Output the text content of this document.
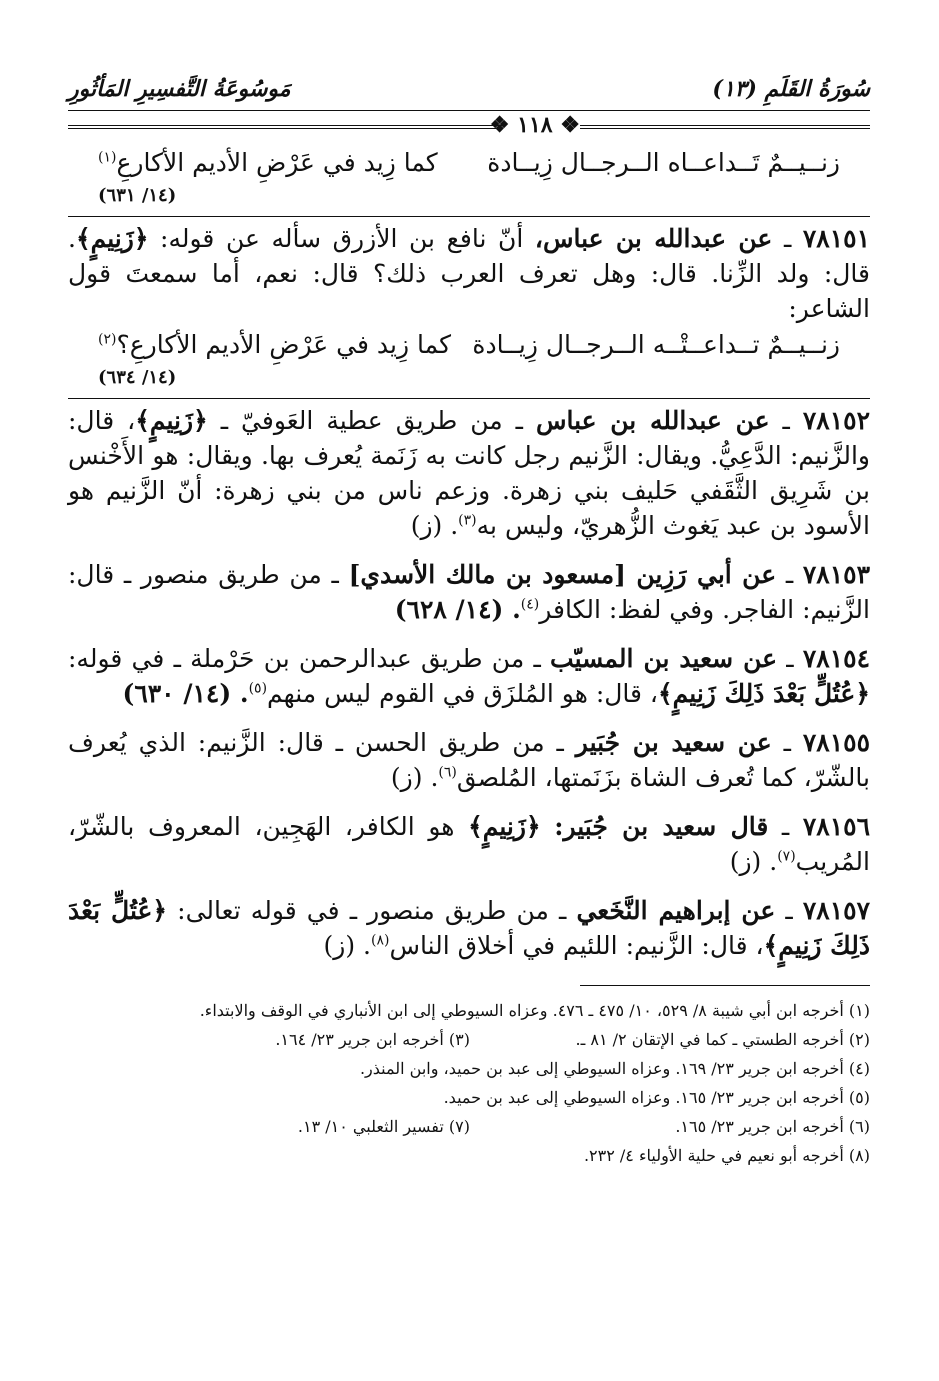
سُورَةُ القَلَمِ (١٣)
مَوسُوعَةُ التَّفسِيرِ المَأثُورِ
❖ ١١٨ ❖
زنــيــمٌ تَــداعــاه الــرجــال زِيــادة
كما زِيد في عَرْضِ الأديم الأكارعِ$^{(١)}$
(١٤/ ٦٣١)
٧٨١٥١ ـ عن عبدالله بن عباس، أنّ نافع بن الأزرق سأله عن قوله: ﴿زَنِيمٍ﴾. قال: ولد الزِّنا. قال: وهل تعرف العرب ذلك؟ قال: نعم، أما سمعتَ قول الشاعر:
زنــيــمٌ تــداعــتْــه الــرجــال زِيــادة
كما زِيد في عَرْضِ الأديم الأكارعِ؟$^{(٢)}$
(١٤/ ٦٣٤)
٧٨١٥٢ ـ عن عبدالله بن عباس ـ من طريق عطية العَوفيّ ـ ﴿زَنِيمٍ﴾، قال: والزَّنيم: الدَّعِيُّ. ويقال: الزَّنيم رجل كانت به زَنَمة يُعرف بها. ويقال: هو الأَخْنس بن شَرِيق الثَّقَفي حَليف بني زهرة. وزعم ناس من بني زهرة: أنّ الزَّنيم هو الأسود بن عبد يَغوث الزُّهريّ، وليس به$^{(٣)}$. (ز)
٧٨١٥٣ ـ عن أبي رَزِين [مسعود بن مالك الأسدي] ـ من طريق منصور ـ قال: الزَّنيم: الفاجر. وفي لفظ: الكافر$^{(٤)}$. (١٤/ ٦٢٨)
٧٨١٥٤ ـ عن سعيد بن المسيّب ـ من طريق عبدالرحمن بن حَرْملة ـ في قوله: ﴿عُتُلٍّ بَعْدَ ذَلِكَ زَنِيمٍ﴾، قال: هو المُلزَق في القوم ليس منهم$^{(٥)}$. (١٤/ ٦٣٠)
٧٨١٥٥ ـ عن سعيد بن جُبَير ـ من طريق الحسن ـ قال: الزَّنيم: الذي يُعرف بالشّرّ، كما تُعرف الشاة بزَنَمتها، المُلصق$^{(٦)}$. (ز)
٧٨١٥٦ ـ قال سعيد بن جُبَير: ﴿زَنِيمٍ﴾ هو الكافر، الهَجِين، المعروف بالشّرّ، المُريب$^{(٧)}$. (ز)
٧٨١٥٧ ـ عن إبراهيم النَّخَعي ـ من طريق منصور ـ في قوله تعالى: ﴿عُتُلٍّ بَعْدَ ذَلِكَ زَنِيمٍ﴾، قال: الزَّنيم: اللئيم في أخلاق الناس$^{(٨)}$. (ز)
(١) أخرجه ابن أبي شيبة ٨/ ٥٢٩، ١٠/ ٤٧٥ ـ ٤٧٦. وعزاه السيوطي إلى ابن الأنباري في الوقف والابتداء.
(٢) أخرجه الطستي ـ كما في الإتقان ٢/ ٨١ ـ.
(٣) أخرجه ابن جرير ٢٣/ ١٦٤.
(٤) أخرجه ابن جرير ٢٣/ ١٦٩. وعزاه السيوطي إلى عبد بن حميد، وابن المنذر.
(٥) أخرجه ابن جرير ٢٣/ ١٦٥. وعزاه السيوطي إلى عبد بن حميد.
(٦) أخرجه ابن جرير ٢٣/ ١٦٥.
(٧) تفسير الثعلبي ١٠/ ١٣.
(٨) أخرجه أبو نعيم في حلية الأولياء ٤/ ٢٣٢.
